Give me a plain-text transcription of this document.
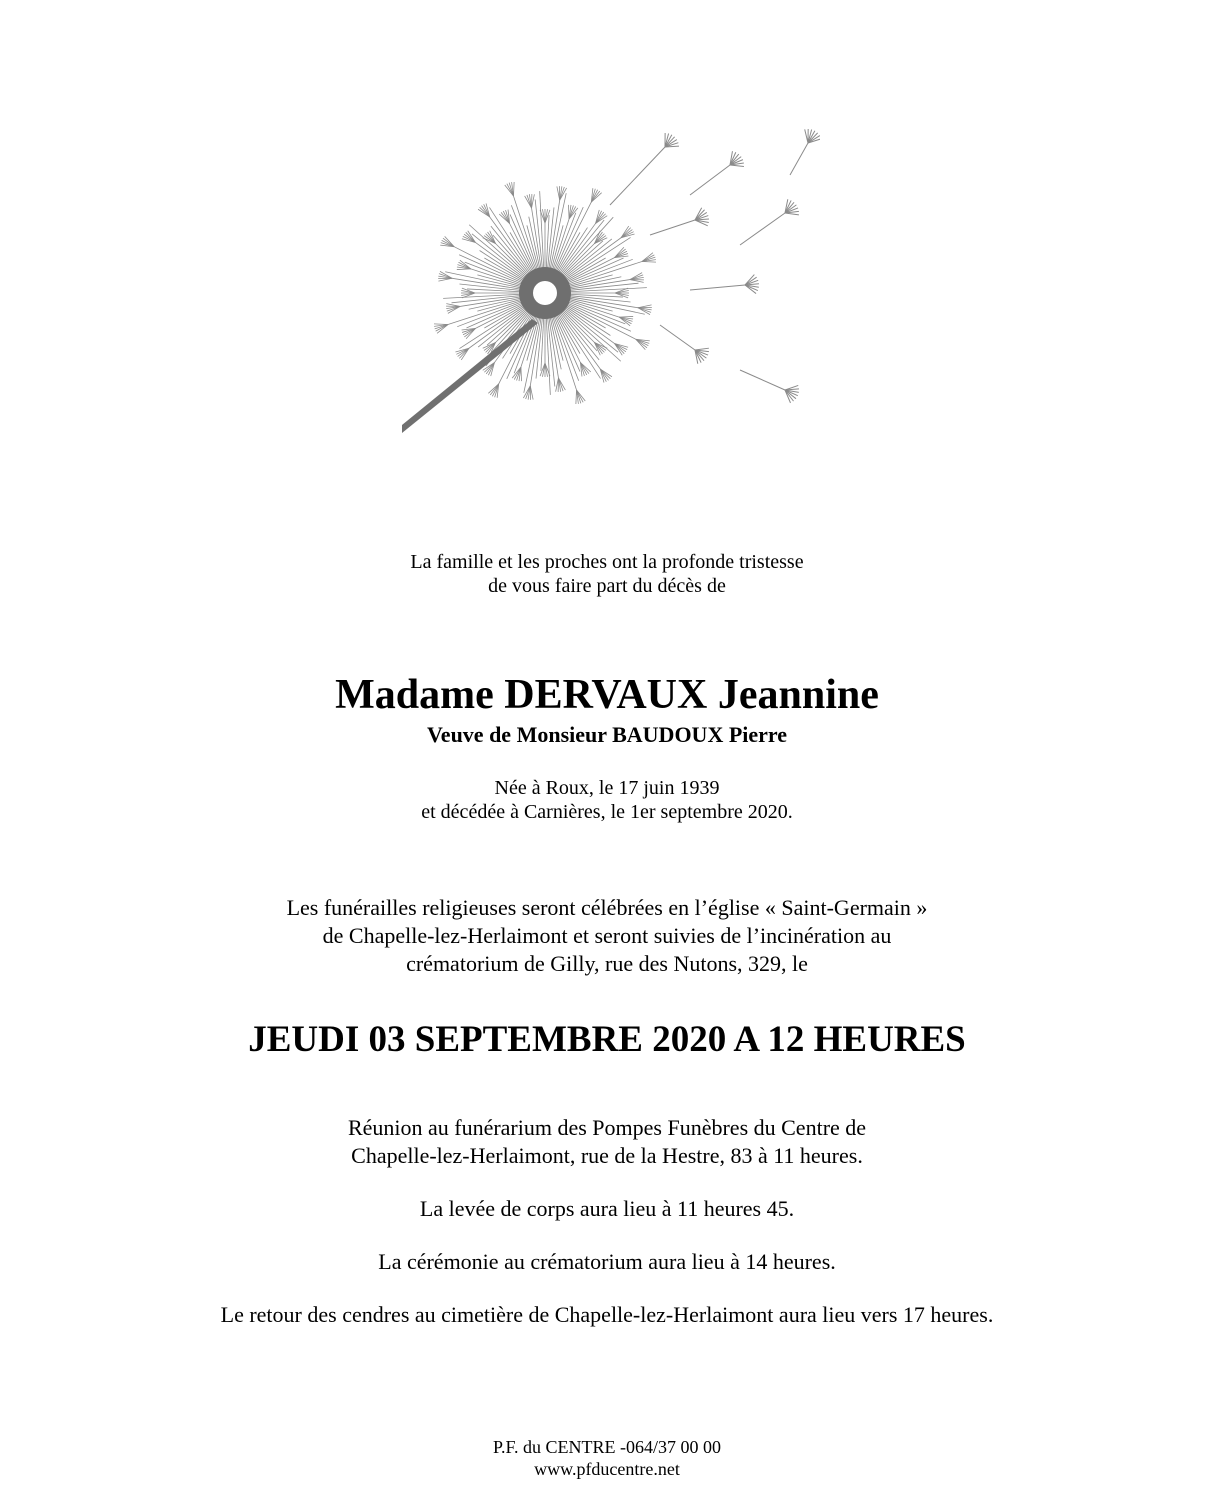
La famille et les proches ont la profonde tristesse
de vous faire part du décès de
Madame DERVAUX Jeannine
Veuve de Monsieur BAUDOUX Pierre
Née à Roux, le 17 juin 1939
et décédée à Carnières, le 1er septembre 2020.
Les funérailles religieuses seront célébrées en l’église « Saint-Germain »
de Chapelle-lez-Herlaimont et seront suivies de l’incinération au
crématorium de Gilly, rue des Nutons, 329, le
JEUDI 03 SEPTEMBRE 2020 A 12 HEURES
Réunion au funérarium des Pompes Funèbres du Centre de
Chapelle-lez-Herlaimont, rue de la Hestre, 83 à 11 heures.
La levée de corps aura lieu à 11 heures 45.
La cérémonie au crématorium aura lieu à 14 heures.
Le retour des cendres au cimetière de Chapelle-lez-Herlaimont aura lieu vers 17 heures.
P.F. du CENTRE -064/37 00 00
www.pfducentre.net
